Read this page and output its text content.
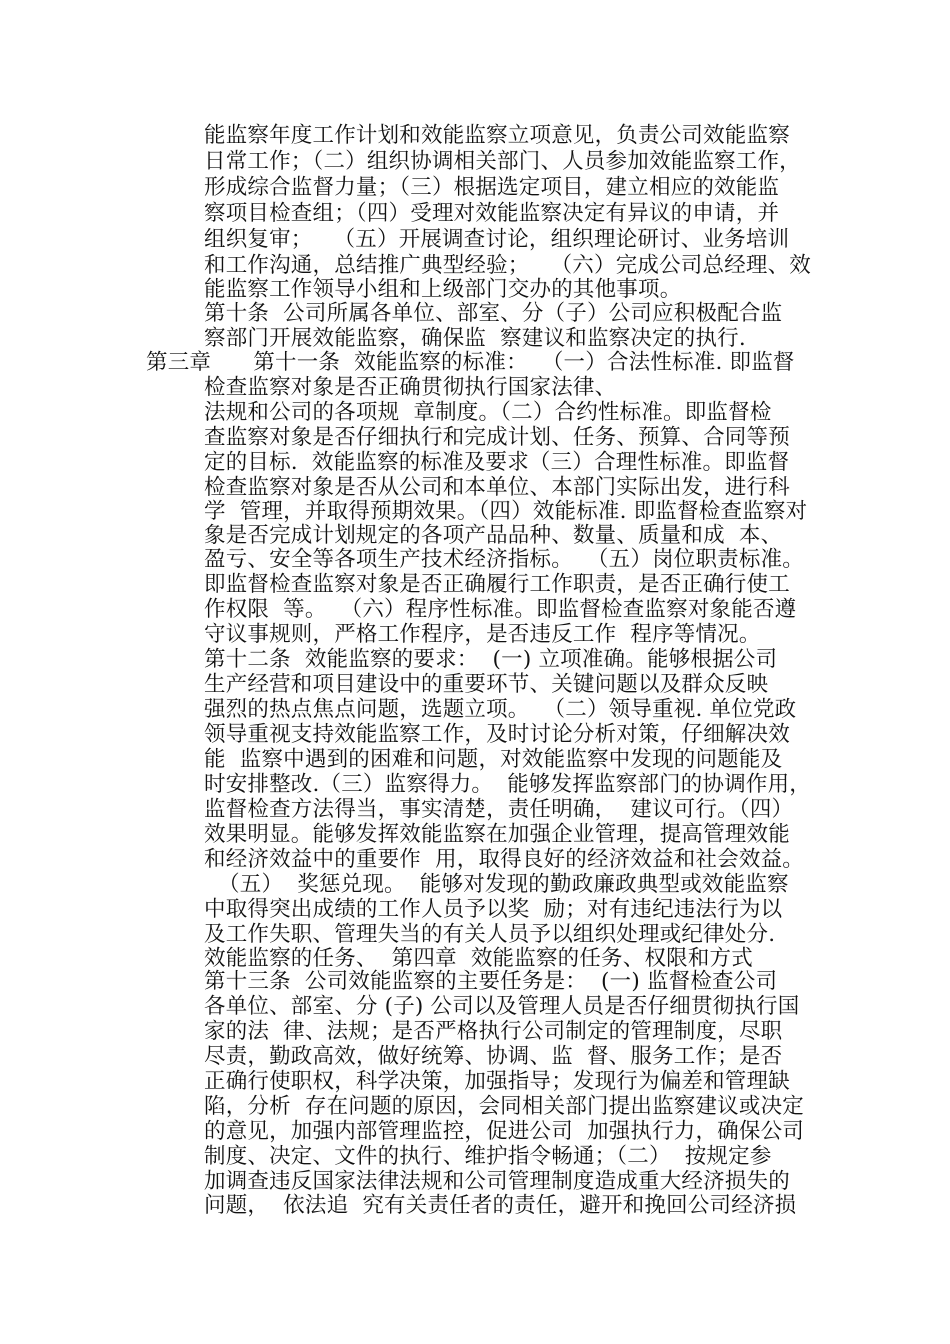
能监察年度工作计划和效能监察立项意见，负责公司效能监察
日常工作；（二）组织协调相关部门、人员参加效能监察工作，
形成综合监督力量；（三）根据选定项目，建立相应的效能监
察项目检查组；（四）受理对效能监察决定有异议的申请，并
组织复审；   （五）开展调查讨论，组织理论研讨、业务培训
和工作沟通，总结推广典型经验；   （六）完成公司总经理、效
能监察工作领导小组和上级部门交办的其他事项。
第十条  公司所属各单位、部室、分（子）公司应积极配合监
察部门开展效能监察，确保监  察建议和监察决定的执行.
第三章      第十一条  效能监察的标准：  （一）合法性标准. 即监督
检查监察对象是否正确贯彻执行国家法律、
法规和公司的各项规  章制度。（二）合约性标准。即监督检
查监察对象是否仔细执行和完成计划、任务、预算、合同等预
定的目标.  效能监察的标准及要求（三）合理性标准。即监督
检查监察对象是否从公司和本单位、本部门实际出发，进行科
学  管理，并取得预期效果。（四）效能标准. 即监督检查监察对
象是否完成计划规定的各项产品品种、数量、质量和成  本、
盈亏、安全等各项生产技术经济指标。  （五）岗位职责标准。
即监督检查监察对象是否正确履行工作职责，是否正确行使工
作权限  等。  （六）程序性标准。即监督检查监察对象能否遵
守议事规则，严格工作程序，是否违反工作  程序等情况。
第十二条  效能监察的要求：  (一) 立项准确。能够根据公司
生产经营和项目建设中的重要环节、关键问题以及群众反映
强烈的热点焦点问题，选题立项。  （二）领导重视. 单位党政
领导重视支持效能监察工作，及时讨论分析对策，仔细解决效
能  监察中遇到的困难和问题，对效能监察中发现的问题能及
时安排整改.（三）监察得力。  能够发挥监察部门的协调作用，
监督检查方法得当，事实清楚，责任明确，  建议可行。（四）
效果明显。能够发挥效能监察在加强企业管理，提高管理效能
和经济效益中的重要作  用，取得良好的经济效益和社会效益。
（五）  奖惩兑现。  能够对发现的勤政廉政典型或效能监察
中取得突出成绩的工作人员予以奖  励；对有违纪违法行为以
及工作失职、管理失当的有关人员予以组织处理或纪律处分.
效能监察的任务、  第四章  效能监察的任务、权限和方式
第十三条  公司效能监察的主要任务是：  (一) 监督检查公司
各单位、部室、分 (子) 公司以及管理人员是否仔细贯彻执行国
家的法  律、法规；是否严格执行公司制定的管理制度，尽职
尽责，勤政高效，做好统筹、协调、监  督、服务工作；是否
正确行使职权，科学决策，加强指导；发现行为偏差和管理缺
陷，分析  存在问题的原因，会同相关部门提出监察建议或决定
的意见，加强内部管理监控，促进公司  加强执行力，确保公司
制度、决定、文件的执行、维护指令畅通；（二）  按规定参
加调查违反国家法律法规和公司管理制度造成重大经济损失的
问题，  依法追  究有关责任者的责任，避开和挽回公司经济损
